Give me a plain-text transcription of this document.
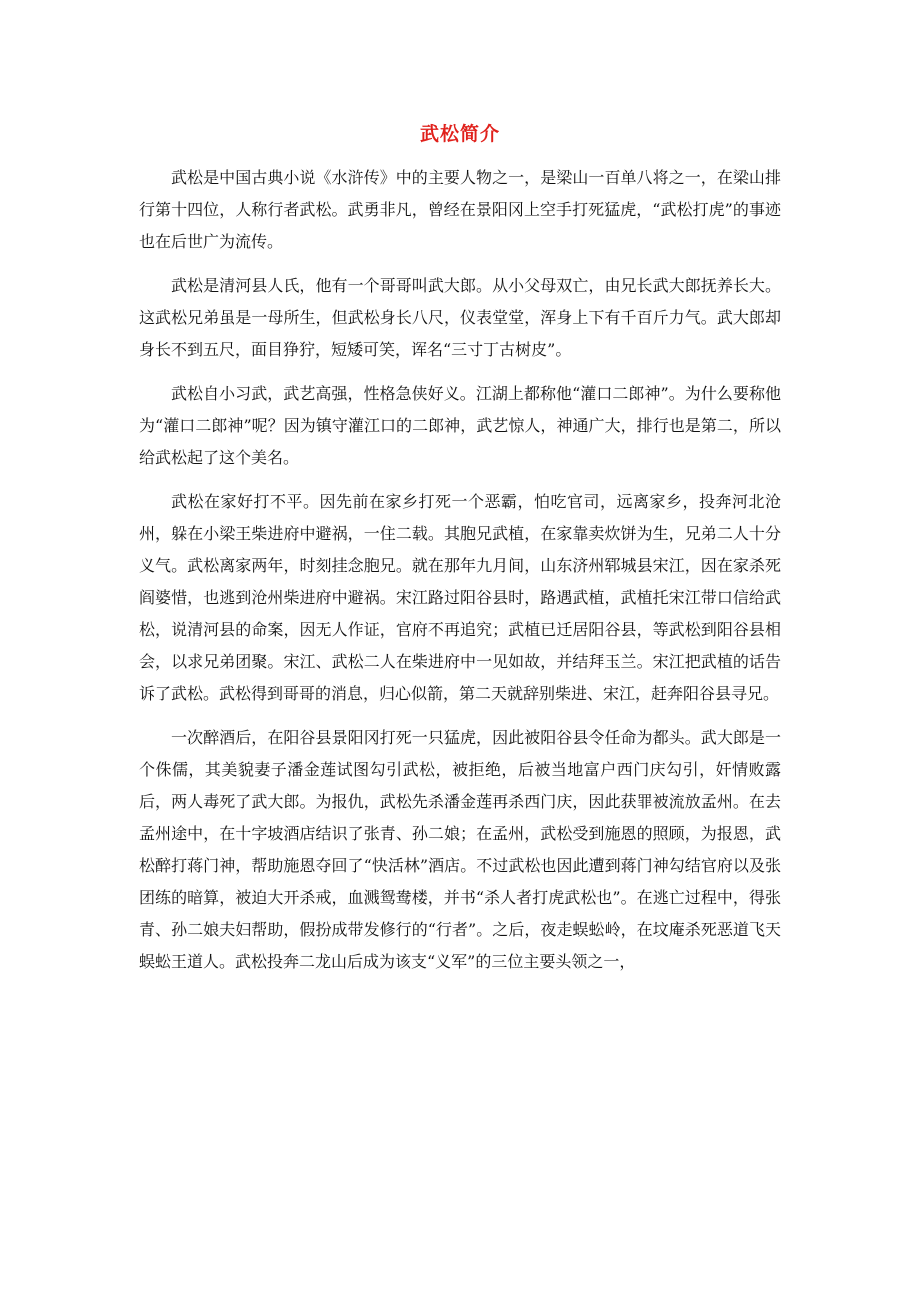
武松简介

武松是中国古典小说《水浒传》中的主要人物之一，是梁山一百单八将之一，在梁山排行第十四位，人称行者武松。武勇非凡，曾经在景阳冈上空手打死猛虎，“武松打虎”的事迹也在后世广为流传。

武松是清河县人氏，他有一个哥哥叫武大郎。从小父母双亡，由兄长武大郎抚养长大。这武松兄弟虽是一母所生，但武松身长八尺，仪表堂堂，浑身上下有千百斤力气。武大郎却身长不到五尺，面目狰狞，短矮可笑，诨名“三寸丁古树皮”。

武松自小习武，武艺高强，性格急侠好义。江湖上都称他“灌口二郎神”。为什么要称他为“灌口二郎神”呢？因为镇守灌江口的二郎神，武艺惊人，神通广大，排行也是第二，所以给武松起了这个美名。

武松在家好打不平。因先前在家乡打死一个恶霸，怕吃官司，远离家乡，投奔河北沧州，躲在小梁王柴进府中避祸，一住二载。其胞兄武植，在家靠卖炊饼为生，兄弟二人十分义气。武松离家两年，时刻挂念胞兄。就在那年九月间，山东济州郓城县宋江，因在家杀死阎婆惜，也逃到沧州柴进府中避祸。宋江路过阳谷县时，路遇武植，武植托宋江带口信给武松，说清河县的命案，因无人作证，官府不再追究；武植已迁居阳谷县，等武松到阳谷县相会，以求兄弟团聚。宋江、武松二人在柴进府中一见如故，并结拜玉兰。宋江把武植的话告诉了武松。武松得到哥哥的消息，归心似箭，第二天就辞别柴进、宋江，赶奔阳谷县寻兄。

一次醉酒后，在阳谷县景阳冈打死一只猛虎，因此被阳谷县令任命为都头。武大郎是一个侏儒，其美貌妻子潘金莲试图勾引武松，被拒绝，后被当地富户西门庆勾引，奸情败露后，两人毒死了武大郎。为报仇，武松先杀潘金莲再杀西门庆，因此获罪被流放孟州。在去孟州途中，在十字坡酒店结识了张青、孙二娘；在孟州，武松受到施恩的照顾，为报恩，武松醉打蒋门神，帮助施恩夺回了“快活林”酒店。不过武松也因此遭到蒋门神勾结官府以及张团练的暗算，被迫大开杀戒，血溅鸳鸯楼，并书“杀人者打虎武松也”。在逃亡过程中，得张青、孙二娘夫妇帮助，假扮成带发修行的“行者”。之后，夜走蜈蚣岭，在坟庵杀死恶道飞天蜈蚣王道人。武松投奔二龙山后成为该支“义军”的三位主要头领之一，
